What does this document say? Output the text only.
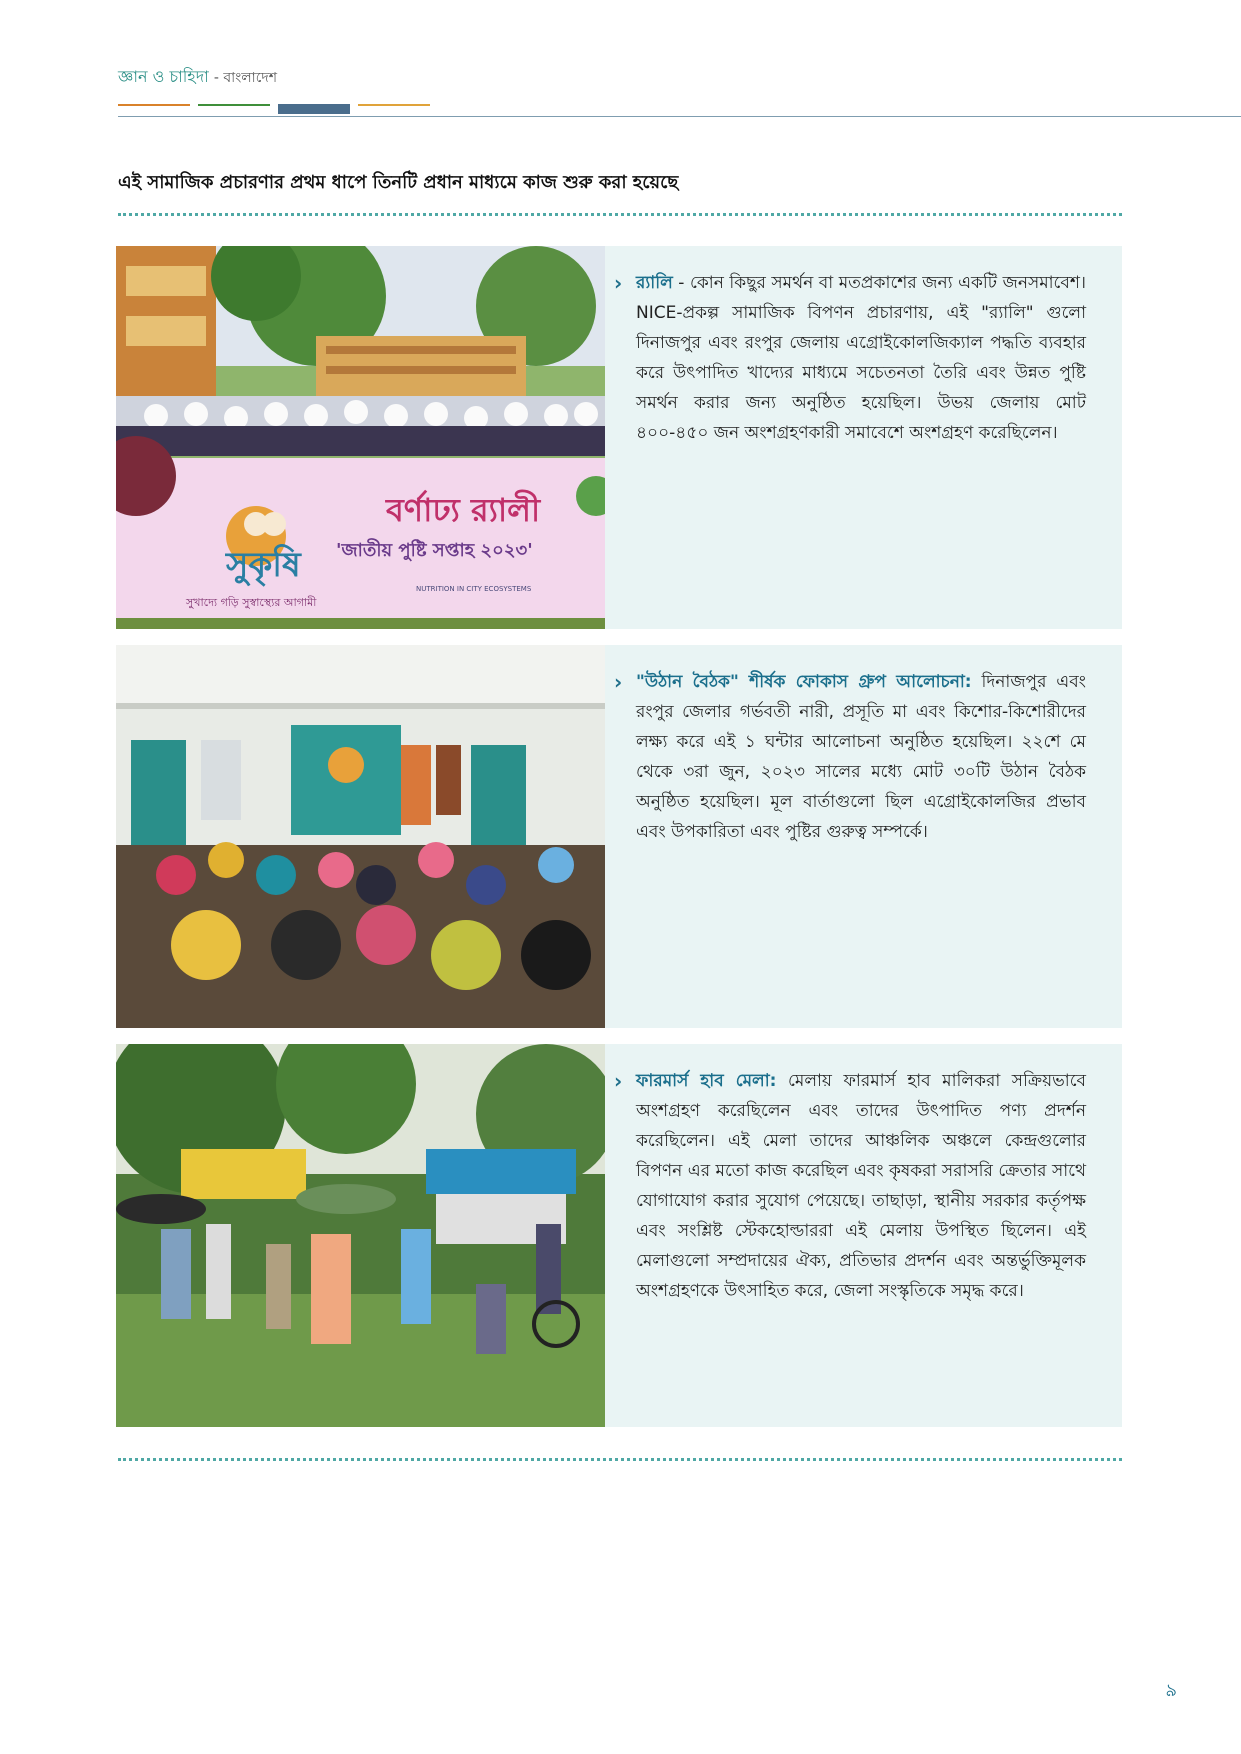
জ্ঞান ও চাহিদা - বাংলাদেশ
এই সামাজিক প্রচারণার প্রথম ধাপে তিনটি প্রধান মাধ্যমে কাজ শুরু করা হয়েছে
সুকৃষি
সুখাদ্যে গড়ি সুস্বাস্থ্যের আগামী
বর্ণাঢ্য র‍্যালী
'জাতীয় পুষ্টি সপ্তাহ ২০২৩'
NUTRITION IN CITY ECOSYSTEMS
› র‍্যালি - কোন কিছুর সমর্থন বা মতপ্রকাশের জন্য একটি জনসমাবেশ। NICE-প্রকল্প সামাজিক বিপণন প্রচারণায়, এই "র‍্যালি" গুলো দিনাজপুর এবং রংপুর জেলায় এগ্রোইকোলজিক্যাল পদ্ধতি ব্যবহার করে উৎপাদিত খাদ্যের মাধ্যমে সচেতনতা তৈরি এবং উন্নত পুষ্টি সমর্থন করার জন্য অনুষ্ঠিত হয়েছিল। উভয় জেলায় মোট ৪০০-৪৫০ জন অংশগ্রহণকারী সমাবেশে অংশগ্রহণ করেছিলেন।
› "উঠান বৈঠক" শীর্ষক ফোকাস গ্রুপ আলোচনা: দিনাজপুর এবং রংপুর জেলার গর্ভবতী নারী, প্রসূতি মা এবং কিশোর-কিশোরীদের লক্ষ্য করে এই ১ ঘন্টার আলোচনা অনুষ্ঠিত হয়েছিল। ২২শে মে থেকে ৩রা জুন, ২০২৩ সালের মধ্যে মোট ৩০টি উঠান বৈঠক অনুষ্ঠিত হয়েছিল। মূল বার্তাগুলো ছিল এগ্রোইকোলজির প্রভাব এবং উপকারিতা এবং পুষ্টির গুরুত্ব সম্পর্কে।
› ফারমার্স হাব মেলা: মেলায় ফারমার্স হাব মালিকরা সক্রিয়ভাবে অংশগ্রহণ করেছিলেন এবং তাদের উৎপাদিত পণ্য প্রদর্শন করেছিলেন। এই মেলা তাদের আঞ্চলিক অঞ্চলে কেন্দ্রগুলোর বিপণন এর মতো কাজ করেছিল এবং কৃষকরা সরাসরি ক্রেতার সাথে যোগাযোগ করার সুযোগ পেয়েছে। তাছাড়া, স্থানীয় সরকার কর্তৃপক্ষ এবং সংশ্লিষ্ট স্টেকহোল্ডাররা এই মেলায় উপস্থিত ছিলেন। এই মেলাগুলো সম্প্রদায়ের ঐক্য, প্রতিভার প্রদর্শন এবং অন্তর্ভুক্তিমূলক অংশগ্রহণকে উৎসাহিত করে, জেলা সংস্কৃতিকে সমৃদ্ধ করে।
৯
